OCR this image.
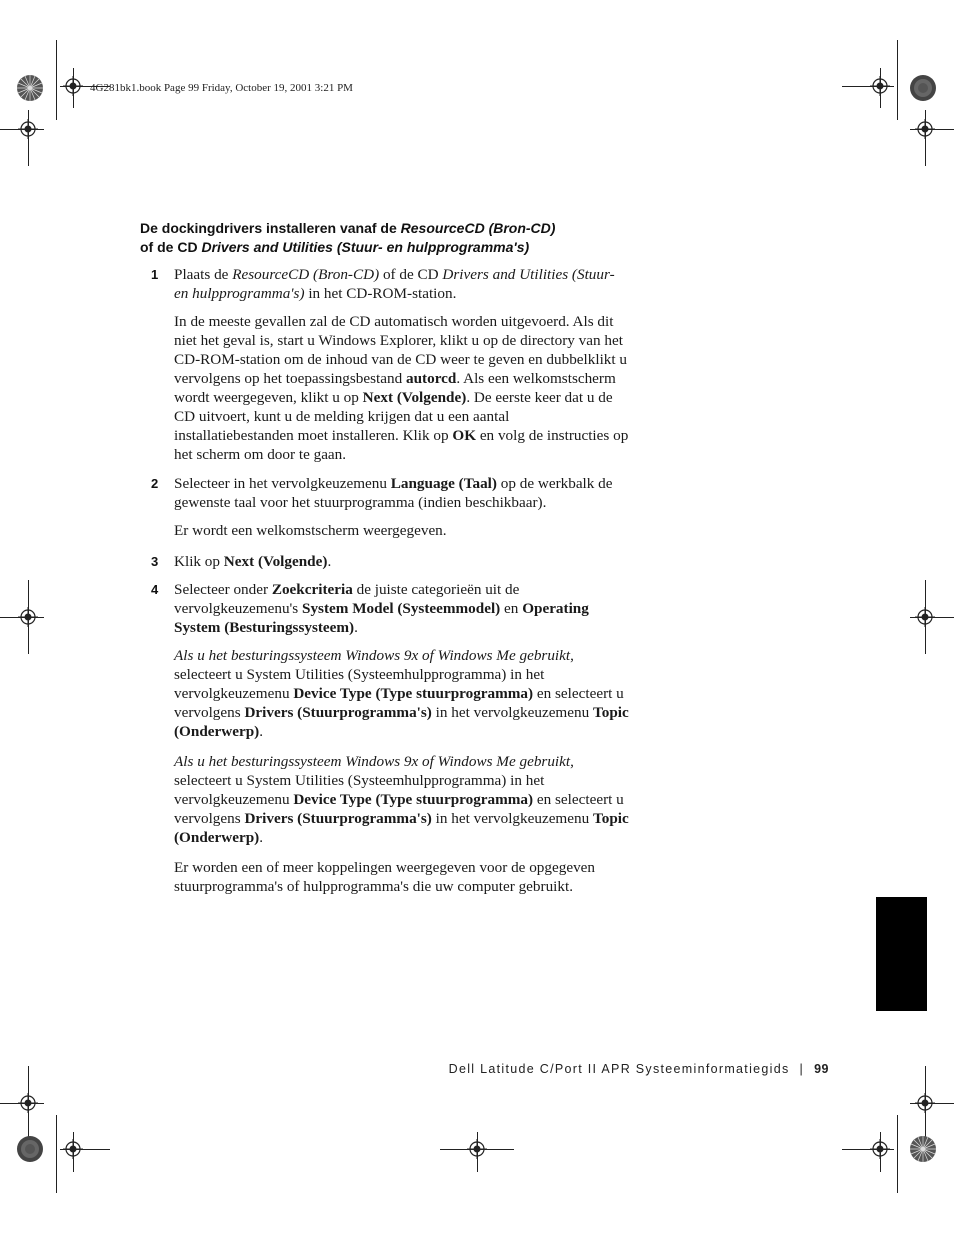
4G281bk1.book Page 99 Friday, October 19, 2001 3:21 PM
De dockingdrivers installeren vanaf de ResourceCD (Bron-CD)
of de CD Drivers and Utilities (Stuur- en hulpprogramma's)
1 Plaats de ResourceCD (Bron-CD) of de CD Drivers and Utilities (Stuur- en hulpprogramma's) in het CD-ROM-station.
In de meeste gevallen zal de CD automatisch worden uitgevoerd. Als dit niet het geval is, start u Windows Explorer, klikt u op de directory van het CD-ROM-station om de inhoud van de CD weer te geven en dubbelklikt u vervolgens op het toepassingsbestand autorcd. Als een welkomstscherm wordt weergegeven, klikt u op Next (Volgende). De eerste keer dat u de CD uitvoert, kunt u de melding krijgen dat u een aantal installatiebestanden moet installeren. Klik op OK en volg de instructies op het scherm om door te gaan.
2 Selecteer in het vervolgkeuzemenu Language (Taal) op de werkbalk de gewenste taal voor het stuurprogramma (indien beschikbaar).
Er wordt een welkomstscherm weergegeven.
3 Klik op Next (Volgende).
4 Selecteer onder Zoekcriteria de juiste categorieën uit de vervolgkeuzemenu's System Model (Systeemmodel) en Operating System (Besturingssysteem).
Als u het besturingssysteem Windows 9x of Windows Me gebruikt, selecteert u System Utilities (Systeemhulpprogramma) in het vervolgkeuzemenu Device Type (Type stuurprogramma) en selecteert u vervolgens Drivers (Stuurprogramma's) in het vervolgkeuzemenu Topic (Onderwerp).
Als u het besturingssysteem Windows 9x of Windows Me gebruikt, selecteert u System Utilities (Systeemhulpprogramma) in het vervolgkeuzemenu Device Type (Type stuurprogramma) en selecteert u vervolgens Drivers (Stuurprogramma's) in het vervolgkeuzemenu Topic (Onderwerp).
Er worden een of meer koppelingen weergegeven voor de opgegeven stuurprogramma's of hulpprogramma's die uw computer gebruikt.
Dell Latitude C/Port II APR Systeeminformatiegids | 99
